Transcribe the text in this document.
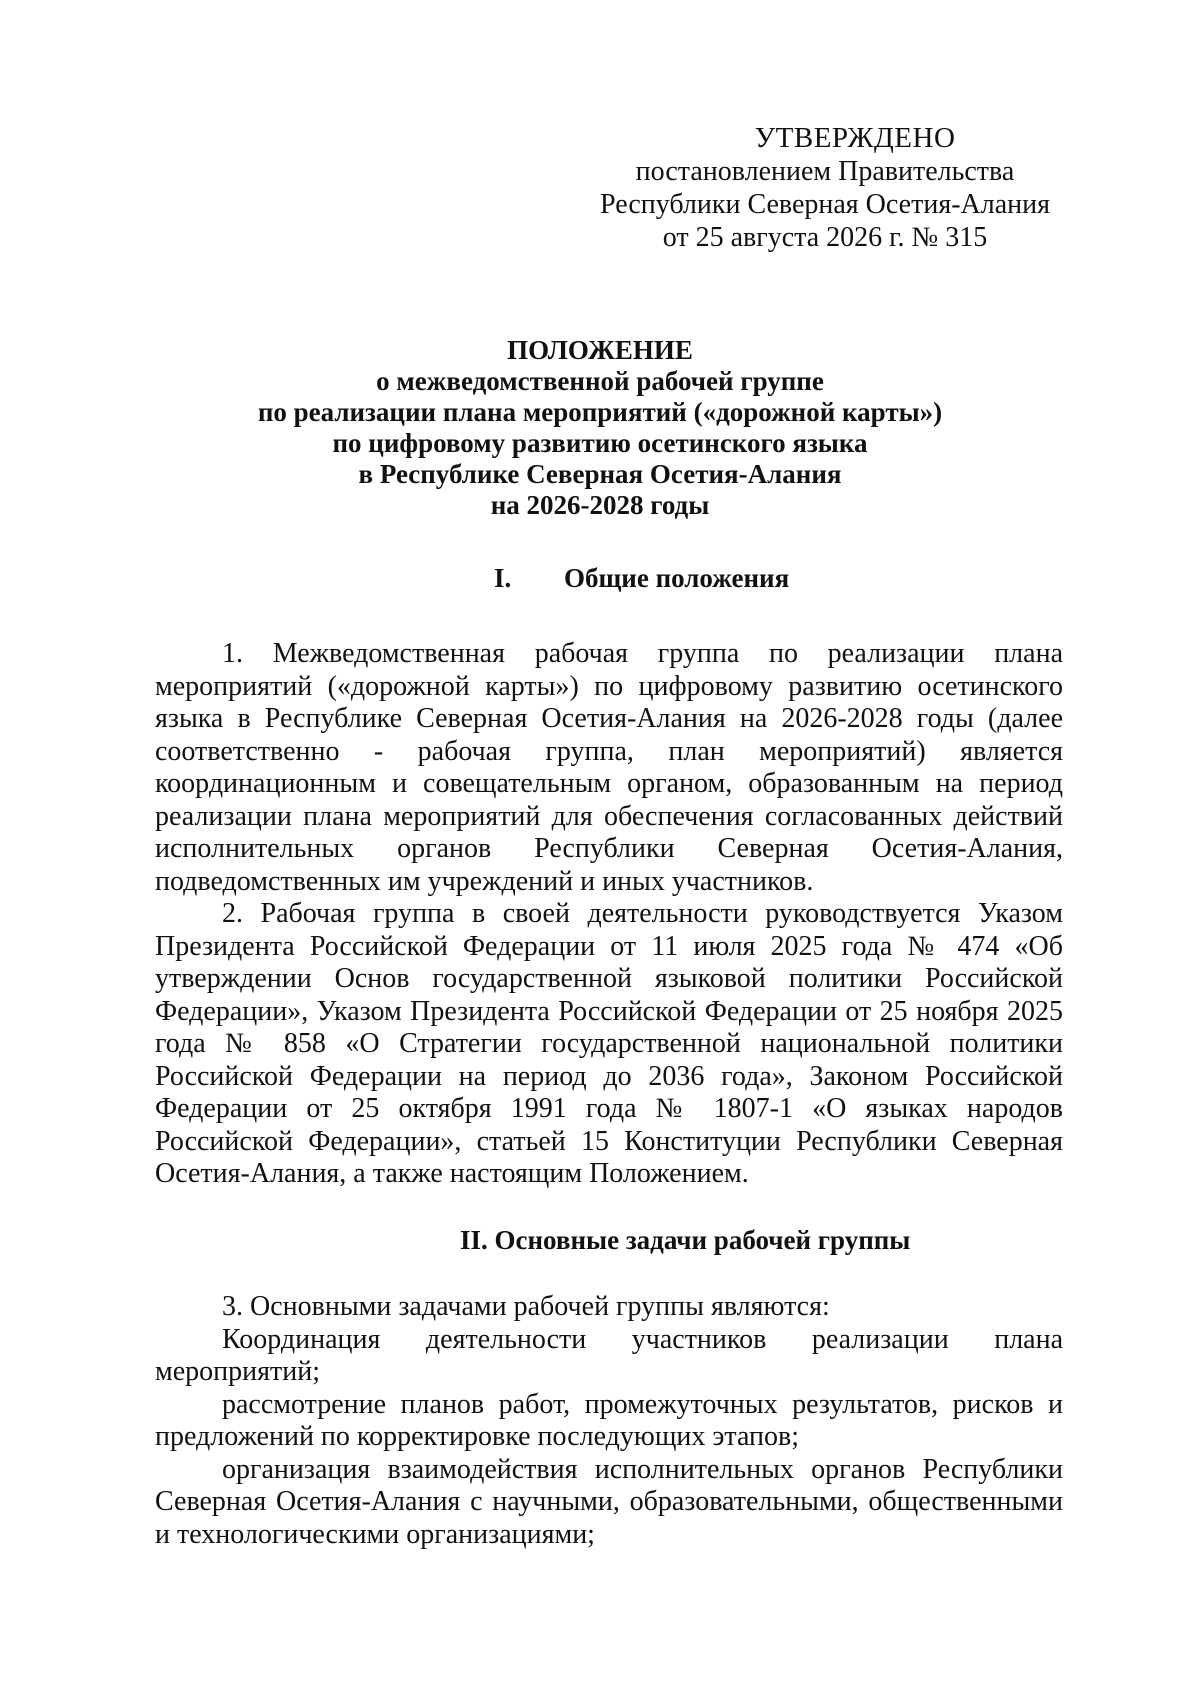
УТВЕРЖДЕНО
постановлением Правительства
Республики Северная Осетия-Алания
от 25 августа 2026 г. № 315
ПОЛОЖЕНИЕ
о межведомственной рабочей группе
по реализации плана мероприятий («дорожной карты»)
по цифровому развитию осетинского языка
в Республике Северная Осетия-Алания
на 2026-2028 годы
I. Общие положения

1. Межведомственная рабочая группа по реализации плана мероприятий («дорожной карты») по цифровому развитию осетинского языка в Республике Северная Осетия-Алания на 2026-2028 годы (далее соответственно - рабочая группа, план мероприятий) является координационным и совещательным органом, образованным на период реализации плана мероприятий для обеспечения согласованных действий исполнительных органов Республики Северная Осетия-Алания, подведомственных им учреждений и иных участников.

2. Рабочая группа в своей деятельности руководствуется Указом Президента Российской Федерации от 11 июля 2025 года № 474 «Об утверждении Основ государственной языковой политики Российской Федерации», Указом Президента Российской Федерации от 25 ноября 2025 года № 858 «О Стратегии государственной национальной политики Российской Федерации на период до 2036 года», Законом Российской Федерации от 25 октября 1991 года № 1807-1 «О языках народов Российской Федерации», статьей 15 Конституции Республики Северная Осетия-Алания, а также настоящим Положением.

II. Основные задачи рабочей группы

3. Основными задачами рабочей группы являются:

Координация деятельности участников реализации плана мероприятий;

рассмотрение планов работ, промежуточных результатов, рисков и предложений по корректировке последующих этапов;

организация взаимодействия исполнительных органов Республики Северная Осетия-Алания с научными, образовательными, общественными и технологическими организациями;
